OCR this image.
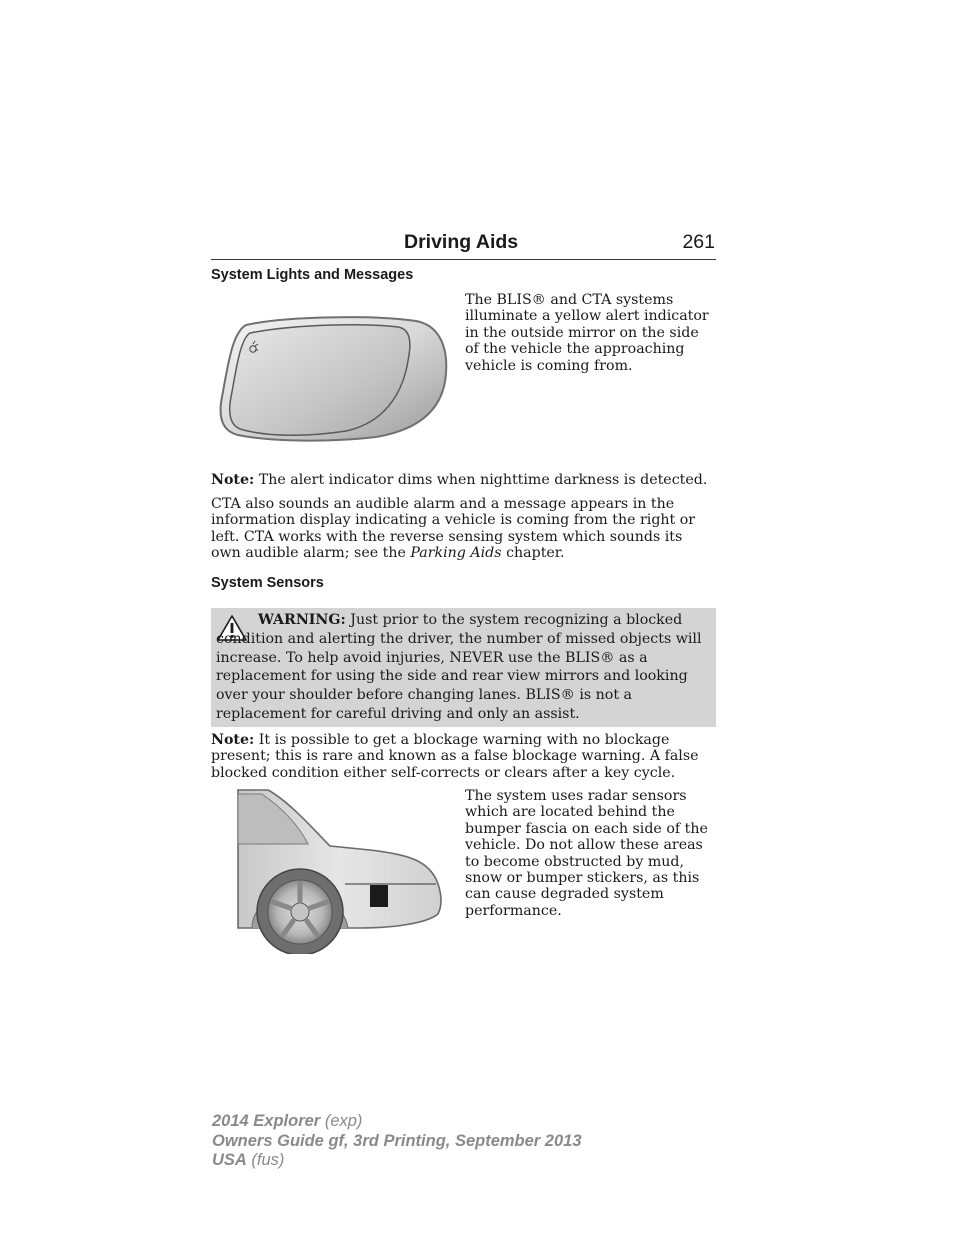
Driving Aids	261
System Lights and Messages
The BLIS® and CTA systems illuminate a yellow alert indicator in the outside mirror on the side of the vehicle the approaching vehicle is coming from.
Note: The alert indicator dims when nighttime darkness is detected.
CTA also sounds an audible alarm and a message appears in the information display indicating a vehicle is coming from the right or left. CTA works with the reverse sensing system which sounds its own audible alarm; see the Parking Aids chapter.
System Sensors
WARNING: Just prior to the system recognizing a blocked condition and alerting the driver, the number of missed objects will increase. To help avoid injuries, NEVER use the BLIS® as a replacement for using the side and rear view mirrors and looking over your shoulder before changing lanes. BLIS® is not a replacement for careful driving and only an assist.
Note: It is possible to get a blockage warning with no blockage present; this is rare and known as a false blockage warning. A false blocked condition either self-corrects or clears after a key cycle.
The system uses radar sensors which are located behind the bumper fascia on each side of the vehicle. Do not allow these areas to become obstructed by mud, snow or bumper stickers, as this can cause degraded system performance.
2014 Explorer (exp)
Owners Guide gf, 3rd Printing, September 2013
USA (fus)
